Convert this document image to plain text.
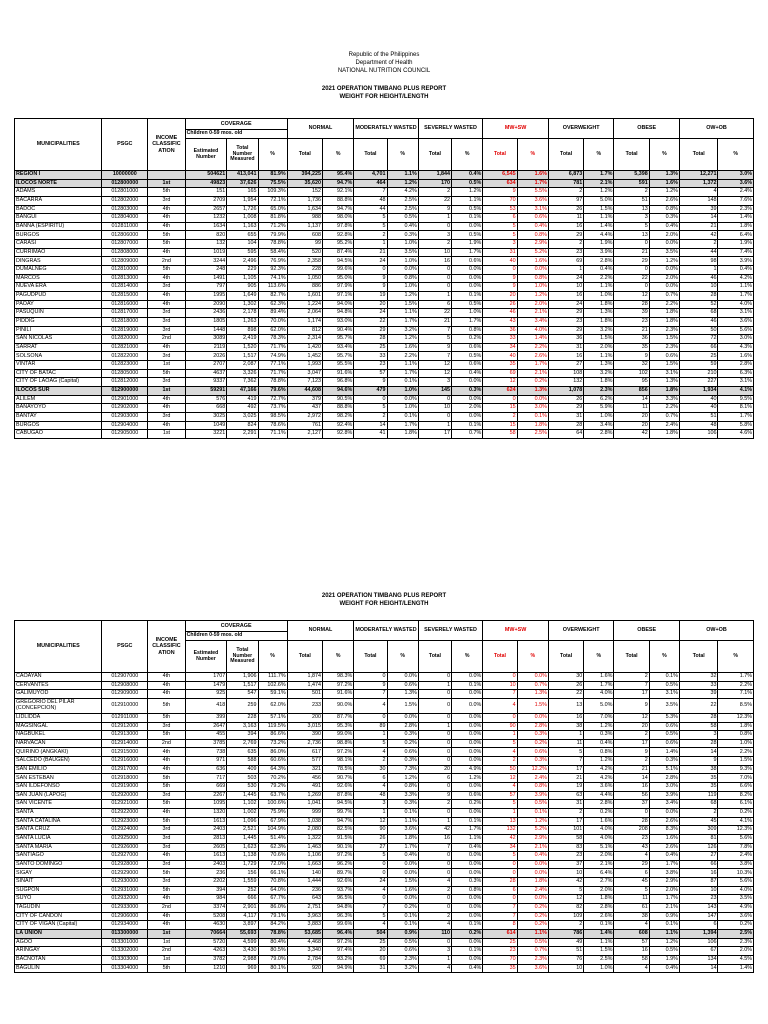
Republic of the Philippines
Department of Health
NATIONAL NUTRITION COUNCIL
2021 OPERATION TIMBANG PLUS REPORT
WEIGHT FOR HEIGHT/LENGTH
MUNICIPALITIES	PSGC	INCOME CLASSIFIC ATION	COVERAGE			NORMAL		MODERATELY WASTED		SEVERELY WASTED		MW+SW		OVERWEIGHT		OBESE		OW+OB	
			Children 0-59 mos. old																
			Estimated Number	Total Number Measured	%	Total	%	Total	%	Total	%	Total	%	Total	%	Total	%	Total	%
REGION I	10000000		504621	413,041	81.9%	394,225	95.4%	4,701	1.1%	1,844	0.4%	6,545	1.6%	6,873	1.7%	5,398	1.3%	12,271	3.0%
ILOCOS NORTE	012800000	1st	49823	37,626	75.5%	35,620	94.7%	464	1.2%	170	0.5%	634	1.7%	781	2.1%	591	1.6%	1,372	3.6%
ADAMS	012801000	5th	151	165	109.3%	152	92.1%	7	4.2%	2	1.2%	9	5.5%	2	1.2%	2	1.2%	4	2.4%
BACARRA	012802000	3rd	2709	1,954	72.1%	1,736	88.8%	48	2.5%	22	1.1%	70	3.6%	97	5.0%	51	2.6%	148	7.6%
BADOC	012803000	4th	2657	1,726	65.0%	1,634	94.7%	44	2.5%	9	0.5%	53	3.1%	26	1.5%	13	0.8%	39	2.3%
BANGUI	012804000	4th	1232	1,008	81.8%	988	98.0%	5	0.5%	1	0.1%	6	0.6%	11	1.1%	3	0.3%	14	1.4%
BANNA (ESPIRITU)	012811000	4th	1634	1,163	71.2%	1,137	97.8%	5	0.4%	0	0.0%	5	0.4%	16	1.4%	5	0.4%	21	1.8%
BURGOS	012806000	5th	820	655	79.9%	608	92.8%	2	0.3%	3	0.5%	5	0.8%	29	4.4%	13	2.0%	42	6.4%
CARASI	012807000	5th	132	104	78.8%	99	95.2%	1	1.0%	2	1.9%	3	2.9%	2	1.9%	0	0.0%	2	1.9%
CURRIMAO	012808000	4th	1019	595	58.4%	520	87.4%	21	3.5%	10	1.7%	31	5.2%	23	3.9%	21	3.5%	44	7.4%
DINGRAS	012809000	2nd	3244	2,496	76.9%	2,358	94.5%	24	1.0%	16	0.6%	40	1.6%	69	2.8%	29	1.2%	98	3.9%
DUMALNEG	012810000	5th	248	229	92.3%	228	99.6%	0	0.0%	0	0.0%	0	0.0%	1	0.4%	0	0.0%	1	0.4%
MARCOS	012813000	4th	1491	1,105	74.1%	1,050	95.0%	9	0.8%	0	0.0%	9	0.8%	24	2.2%	22	2.0%	46	4.2%
NUEVA ERA	012814000	3rd	797	905	113.6%	886	97.9%	9	1.0%	0	0.0%	9	1.0%	10	1.1%	0	0.0%	10	1.1%
PAGUDPUD	012815000	4th	1995	1,649	82.7%	1,601	97.1%	19	1.2%	1	0.1%	20	1.2%	16	1.0%	12	0.7%	28	1.7%
PAOAY	012816000	4th	2090	1,302	62.3%	1,224	94.0%	20	1.5%	6	0.5%	26	2.0%	24	1.8%	28	2.2%	52	4.0%
PASUQUIN	012817000	3rd	2436	2,178	89.4%	2,064	94.8%	24	1.1%	22	1.0%	46	2.1%	29	1.3%	39	1.8%	68	3.1%
PIDDIG	012818000	3rd	1805	1,263	70.0%	1,174	93.0%	22	1.7%	21	1.7%	43	3.4%	23	1.8%	23	1.8%	46	3.6%
PINILI	012819000	3rd	1448	898	62.0%	812	90.4%	29	3.2%	7	0.8%	36	4.0%	29	3.2%	21	2.3%	50	5.6%
SAN NICOLAS	012820000	2nd	3089	2,419	78.3%	2,314	95.7%	28	1.2%	5	0.2%	33	1.4%	36	1.5%	36	1.5%	72	3.0%
SARRAT	012821000	4th	2119	1,520	71.7%	1,420	93.4%	25	1.6%	9	0.6%	34	2.2%	31	2.0%	35	2.3%	66	4.3%
SOLSONA	012822000	3rd	2026	1,517	74.9%	1,452	95.7%	33	2.2%	7	0.5%	40	2.6%	16	1.1%	9	0.6%	25	1.6%
VINTAR	012823000	1st	2707	2,087	77.1%	1,993	95.5%	23	1.1%	12	0.6%	35	1.7%	27	1.3%	32	1.5%	59	2.8%
CITY OF BATAC	012805000	5th	4637	3,326	71.7%	3,047	91.6%	57	1.7%	12	0.4%	69	2.1%	108	3.2%	102	3.1%	210	6.3%
CITY OF LAOAG (Capital)	012812000	3rd	9337	7,362	78.8%	7,123	96.8%	9	0.1%	3	0.0%	12	0.2%	132	1.8%	95	1.3%	227	3.1%
ILOCOS SUR	012900000	1st	59291	47,166	79.6%	44,608	94.6%	479	1.0%	145	0.3%	624	1.3%	1,078	2.3%	856	1.8%	1,934	4.1%
ALILEM	012901000	4th	576	419	72.7%	379	90.5%	0	0.0%	0	0.0%	0	0.0%	26	6.2%	14	3.3%	40	9.5%
BANAYOYO	012902000	4th	668	492	73.7%	437	88.8%	5	1.0%	10	2.0%	15	3.0%	29	5.9%	11	2.2%	40	8.1%
BANTAY	012903000	3rd	3025	3,025	98.5%	2,972	98.2%	2	0.1%	0	0.0%	2	0.1%	31	1.0%	20	0.7%	51	1.7%
BURGOS	012904000	4th	1049	824	78.6%	761	92.4%	14	1.7%	1	0.1%	15	1.8%	28	3.4%	20	2.4%	48	5.8%
CABUGAO	012905000	1st	3221	2,291	71.1%	2,127	92.8%	41	1.8%	17	0.7%	58	2.5%	64	2.8%	42	1.8%	106	4.6%
2021 OPERATION TIMBANG PLUS REPORT
WEIGHT FOR HEIGHT/LENGTH
MUNICIPALITIES	PSGC	INCOME CLASSIFIC ATION	COVERAGE			NORMAL		MODERATELY WASTED		SEVERELY WASTED		MW+SW		OVERWEIGHT		OBESE		OW+OB	
			Children 0-59 mos. old																
			Estimated Number	Total Number Measured	%	Total	%	Total	%	Total	%	Total	%	Total	%	Total	%	Total	%
CAOAYAN	012907000	4th	1707	1,906	111.7%	1,874	98.3%	0	0.0%	0	0.0%	0	0.0%	30	1.6%	2	0.1%	32	1.7%
CERVANTES	012908000	4th	1479	1,517	102.6%	1,474	97.2%	9	0.6%	1	0.1%	10	0.7%	26	1.7%	7	0.5%	33	2.2%
GALIMUYOD	012909000	4th	925	547	59.1%	501	91.6%	7	1.3%	0	0.0%	7	1.3%	22	4.0%	17	3.1%	39	7.1%
GREGORIO DEL PILAR (CONCEPCION)	012910000	5th	418	259	62.0%	233	90.0%	4	1.5%	0	0.0%	4	1.5%	13	5.0%	9	3.5%	22	8.5%
LIDLIDDA	012911000	5th	399	228	57.1%	200	87.7%	0	0.0%	0	0.0%	0	0.0%	16	7.0%	12	5.3%	28	12.3%
MAGSINGAL	012912000	3rd	2647	3,163	119.5%	3,015	95.3%	89	2.8%	1	0.0%	90	2.8%	38	1.2%	20	0.6%	58	1.8%
NAGBUKEL	012913000	5th	455	394	86.6%	390	99.0%	1	0.3%	0	0.0%	1	0.3%	1	0.3%	2	0.5%	3	0.8%
NARVACAN	012914000	2nd	3785	2,769	73.2%	2,736	98.8%	5	0.2%	0	0.0%	5	0.2%	11	0.4%	17	0.6%	28	1.0%
QUIRINO (ANGKAKI)	012915000	4th	738	635	86.0%	617	97.2%	4	0.6%	0	0.0%	4	0.6%	5	0.8%	9	1.4%	14	2.2%
SALCEDO (BAUGEN)	012916000	4th	971	588	60.6%	577	98.1%	2	0.3%	0	0.0%	2	0.3%	7	1.2%	2	0.3%	9	1.5%
SAN EMILIO	012917000	4th	636	409	64.3%	321	78.5%	30	7.3%	20	4.9%	50	12.2%	17	4.2%	21	5.1%	38	9.3%
SAN ESTEBAN	012918000	5th	717	503	70.2%	456	90.7%	6	1.2%	6	1.2%	12	2.4%	21	4.2%	14	2.8%	35	7.0%
SAN ILDEFONSO	012919000	5th	669	530	79.2%	491	92.6%	4	0.8%	0	0.0%	4	0.8%	19	3.6%	16	3.0%	35	6.6%
SAN JUAN (LAPOG)	012920000	3rd	2267	1,445	63.7%	1,269	87.8%	48	3.3%	9	0.6%	57	3.9%	63	4.4%	56	3.9%	119	8.2%
SAN VICENTE	012921000	5th	1095	1,102	100.6%	1,041	94.5%	3	0.3%	2	0.2%	5	0.5%	31	2.8%	37	3.4%	68	6.1%
SANTA	012922000	4th	1320	1,002	75.9%	999	99.7%	1	0.1%	0	0.0%	1	0.1%	2	0.2%	0	0.0%	2	0.2%
SANTA CATALINA	012923000	5th	1613	1,096	67.9%	1,038	94.7%	12	1.1%	1	0.1%	13	1.2%	17	1.6%	28	2.6%	45	4.1%
SANTA CRUZ	012924000	3rd	2403	2,521	104.9%	2,080	82.5%	90	3.6%	42	1.7%	132	5.2%	101	4.0%	208	8.3%	309	12.3%
SANTA LUCIA	012925000	3rd	2813	1,445	51.4%	1,322	91.5%	26	1.8%	16	1.1%	42	2.9%	58	4.0%	23	1.6%	81	5.6%
SANTA MARIA	012926000	3rd	2605	1,623	62.3%	1,463	90.1%	27	1.7%	7	0.4%	34	2.1%	83	5.1%	43	2.6%	126	7.8%
SANTIAGO	012927000	4th	1613	1,138	70.6%	1,106	97.2%	5	0.4%	0	0.0%	5	0.4%	23	2.0%	4	0.4%	27	2.4%
SANTO DOMINGO	012928000	3rd	2403	1,729	72.0%	1,663	96.2%	0	0.0%	0	0.0%	0	0.0%	37	2.1%	29	1.7%	66	3.8%
SIGAY	012929000	5th	236	156	66.1%	140	89.7%	0	0.0%	0	0.0%	0	0.0%	10	6.4%	6	3.8%	16	10.3%
SINAIT	012930000	3rd	2202	1,559	70.8%	1,444	92.6%	24	1.5%	4	0.3%	28	1.8%	42	2.7%	45	2.9%	87	5.6%
SUGPON	012931000	5th	394	252	64.0%	236	93.7%	4	1.6%	2	0.8%	6	2.4%	5	2.0%	5	2.0%	10	4.0%
SUYO	012932000	4th	984	666	67.7%	643	96.5%	0	0.0%	0	0.0%	0	0.0%	12	1.8%	11	1.7%	23	3.5%
TAGUDIN	012933000	2nd	3374	2,901	86.0%	2,751	94.8%	7	0.2%	0	0.0%	7	0.2%	82	2.8%	61	2.1%	143	4.9%
CITY OF CANDON	012906000	4th	5208	4,117	79.1%	3,963	96.3%	5	0.1%	2	0.0%	7	0.2%	109	2.6%	38	0.9%	147	3.6%
CITY OF VIGAN (Capital)	012934000	4th	4630	3,897	84.2%	3,883	99.6%	4	0.1%	4	0.1%	8	0.2%	2	0.1%	4	0.1%	6	0.2%
LA UNION	013300000	1st	70664	55,693	78.8%	53,685	96.4%	504	0.9%	110	0.2%	614	1.1%	786	1.4%	608	1.1%	1,394	2.5%
AGOO	013301000	1st	5720	4,599	80.4%	4,468	97.2%	25	0.5%	0	0.0%	25	0.5%	49	1.1%	57	1.2%	106	2.3%
ARINGAY	013302000	2nd	4263	3,430	80.5%	3,340	97.4%	20	0.6%	3	0.1%	23	0.7%	51	1.5%	16	0.5%	67	2.0%
BACNOTAN	013303000	1st	3782	2,988	79.0%	2,784	93.2%	69	2.3%	1	0.0%	70	2.3%	76	2.5%	58	1.9%	134	4.5%
BAGULIN	013304000	5th	1210	969	80.1%	920	94.9%	31	3.2%	4	0.4%	35	3.6%	10	1.0%	4	0.4%	14	1.4%
